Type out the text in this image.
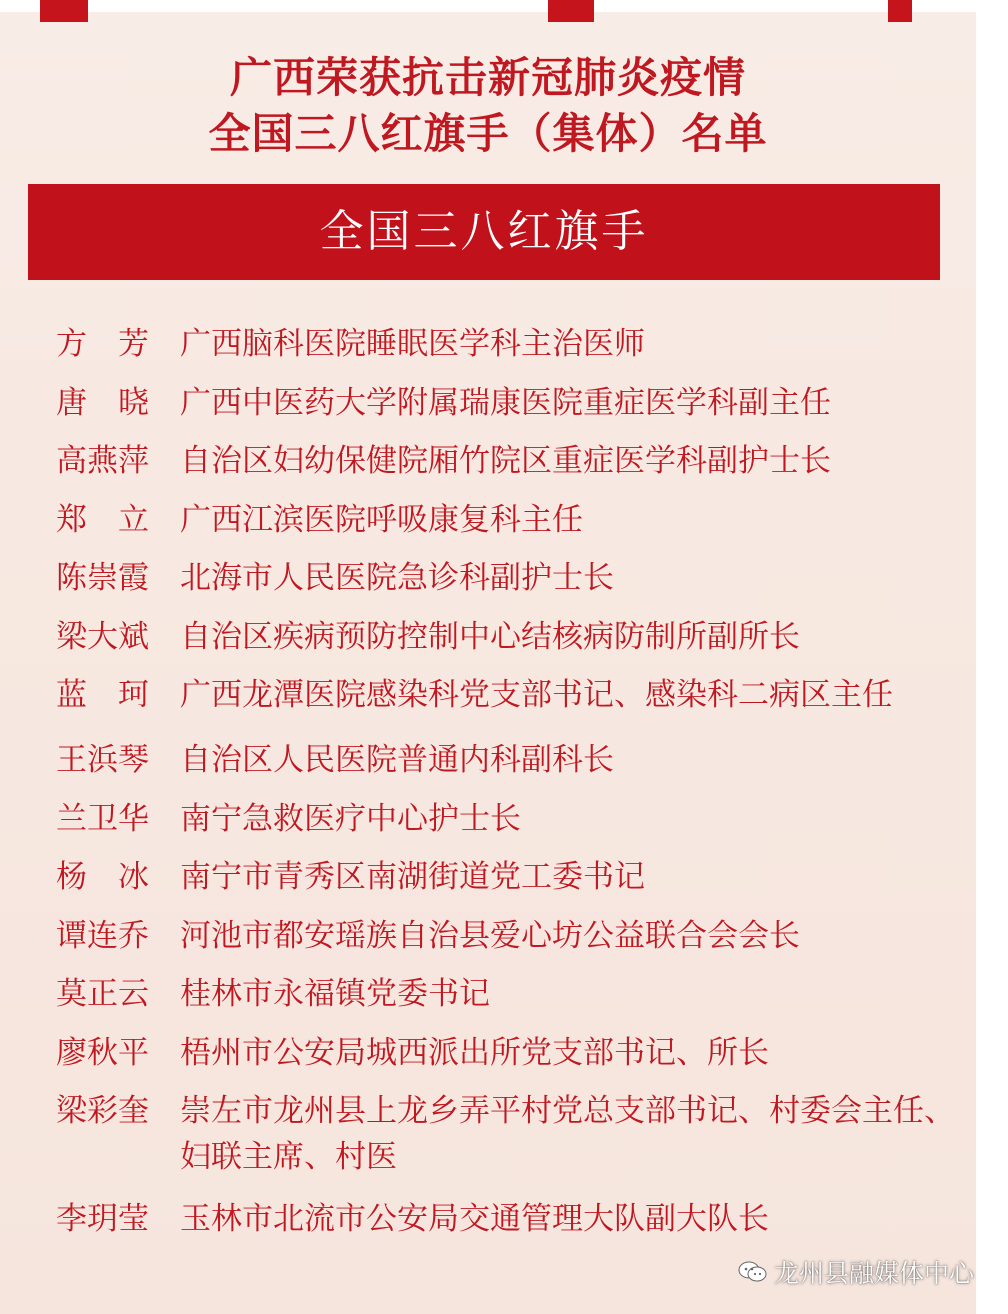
广西荣获抗击新冠肺炎疫情
全国三八红旗手（集体）名单
全国三八红旗手
方　芳	广西脑科医院睡眠医学科主治医师
唐　晓	广西中医药大学附属瑞康医院重症医学科副主任
高燕萍	自治区妇幼保健院厢竹院区重症医学科副护士长
郑　立	广西江滨医院呼吸康复科主任
陈崇霞	北海市人民医院急诊科副护士长
梁大斌	自治区疾病预防控制中心结核病防制所副所长
蓝　珂	广西龙潭医院感染科党支部书记、感染科二病区主任
王浜琴	自治区人民医院普通内科副科长
兰卫华	南宁急救医疗中心护士长
杨　冰	南宁市青秀区南湖街道党工委书记
谭连乔	河池市都安瑶族自治县爱心坊公益联合会会长
莫正云	桂林市永福镇党委书记
廖秋平	梧州市公安局城西派出所党支部书记、所长
梁彩奎	崇左市龙州县上龙乡弄平村党总支部书记、村委会主任、妇联主席、村医
李玥莹	玉林市北流市公安局交通管理大队副大队长
龙州县融媒体中心
